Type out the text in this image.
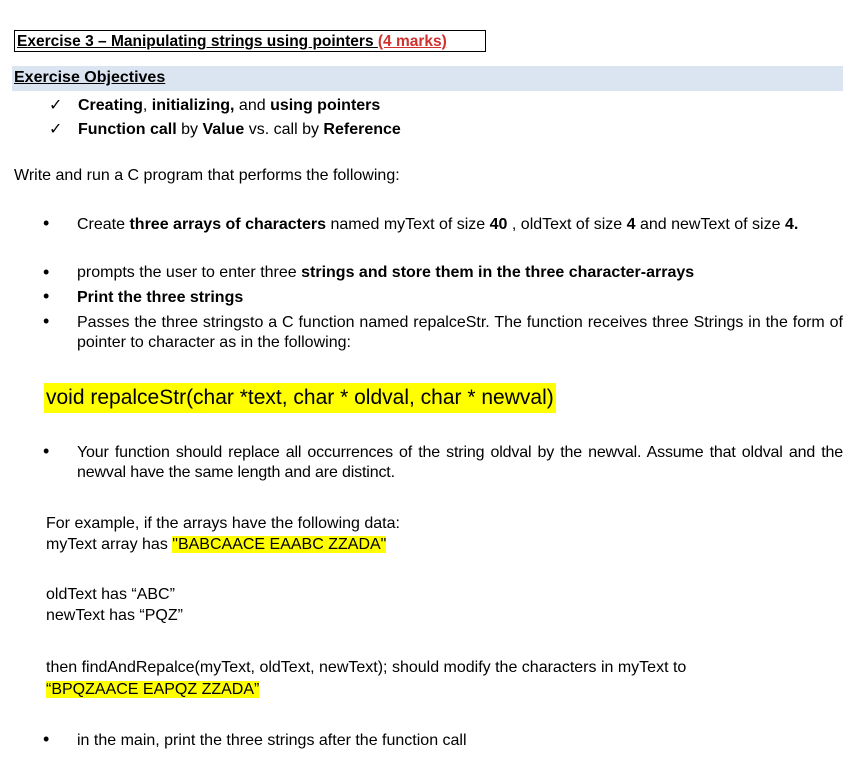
Exercise 3 – Manipulating strings using pointers (4 marks)
Exercise Objectives
✓ Creating, initializing, and using pointers
✓ Function call by Value vs. call by Reference
Write and run a C program that performs the following:
• Create three arrays of characters named myText of size 40 , oldText of size 4 and newText of size 4.
• prompts the user to enter three strings and store them in the three character-arrays
• Print the three strings
• Passes the three stringsto a C function named repalceStr. The function receives three Strings in the form of pointer to character as in the following:
void repalceStr(char *text, char * oldval, char * newval)
• Your function should replace all occurrences of the string oldval by the newval. Assume that oldval and the newval have the same length and are distinct.
For example, if the arrays have the following data:
myText array has "BABCAACE EAABC ZZADA"
oldText has “ABC”
newText has “PQZ”
then findAndRepalce(myText, oldText, newText); should modify the characters in myText to
“BPQZAACE EAPQZ ZZADA”
• in the main, print the three strings after the function call
